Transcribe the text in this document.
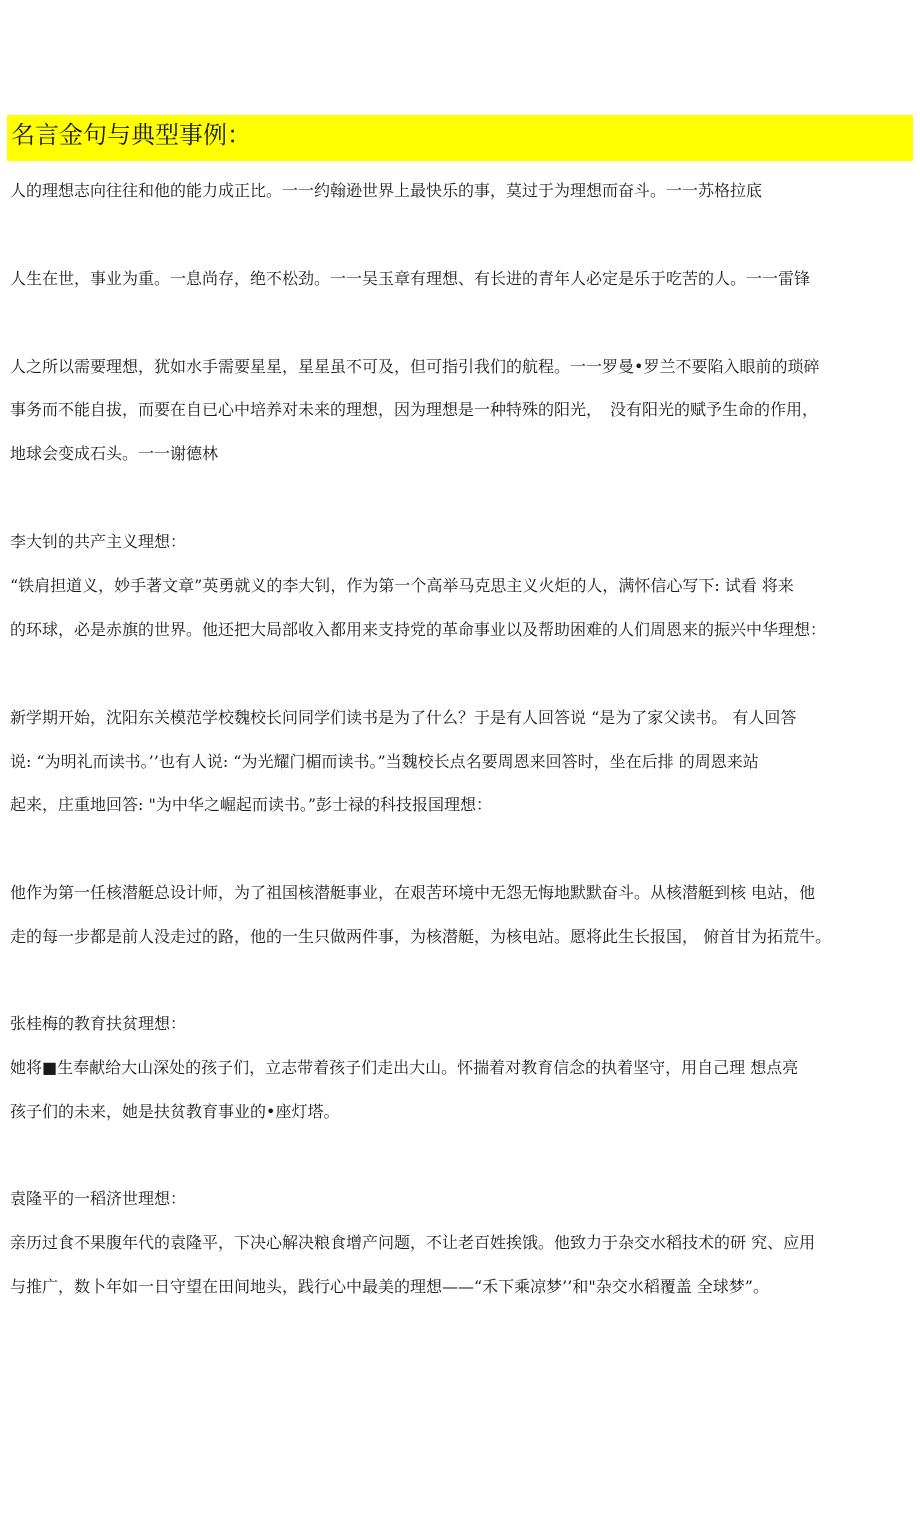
名言金句与典型事例：
人的理想志向往往和他的能力成正比。一一约翰逊世界上最快乐的事，莫过于为理想而奋斗。一一苏格拉底
人生在世，事业为重。一息尚存，绝不松劲。一一吴玉章有理想、有长进的青年人必定是乐于吃苦的人。一一雷锋
人之所以需要理想，犹如水手需要星星，星星虽不可及，但可指引我们的航程。一一罗曼•罗兰不要陷入眼前的琐碎
事务而不能自拔，而要在自已心中培养对未来的理想，因为理想是一种特殊的阳光，　没有阳光的赋予生命的作用，
地球会变成石头。一一谢德林
李大钊的共产主义理想：
“铁肩担道义，妙手著文章”英勇就义的李大钊，作为第一个高举马克思主义火炬的人，满怀信心写下: 试看 将来
的环球，必是赤旗的世界。他还把大局部收入都用来支持党的革命事业以及帮助困难的人们周恩来的振兴中华理想：
新学期开始，沈阳东关模范学校魏校长问同学们读书是为了什么？于是有人回答说 “是为了家父读书。 有人回答
说: “为明礼而读书。’’也有人说: “为光耀门楣而读书。”当魏校长点名要周恩来回答时，坐在后排 的周恩来站
起来，庄重地回答: "为中华之崛起而读书。”彭士禄的科技报国理想：
他作为第一任核潜艇总设计师，为了祖国核潜艇事业，在艰苦环境中无怨无悔地默默奋斗。从核潜艇到核 电站，他
走的每一步都是前人没走过的路，他的一生只做两件事，为核潜艇，为核电站。愿将此生长报国， 俯首甘为拓荒牛。
张桂梅的教育扶贫理想：
她将■生奉献给大山深处的孩子们，立志带着孩子们走出大山。怀揣着对教育信念的执着坚守，用自己理 想点亮
孩子们的未来，她是扶贫教育事业的•座灯塔。
袁隆平的一稻济世理想：
亲历过食不果腹年代的袁隆平，下决心解决粮食增产问题，不让老百姓挨饿。他致力于杂交水稻技术的研 究、应用
与推广，数卜年如一日守望在田间地头，践行心中最美的理想——“禾下乘凉梦’’和"杂交水稻覆盖 全球梦”。
